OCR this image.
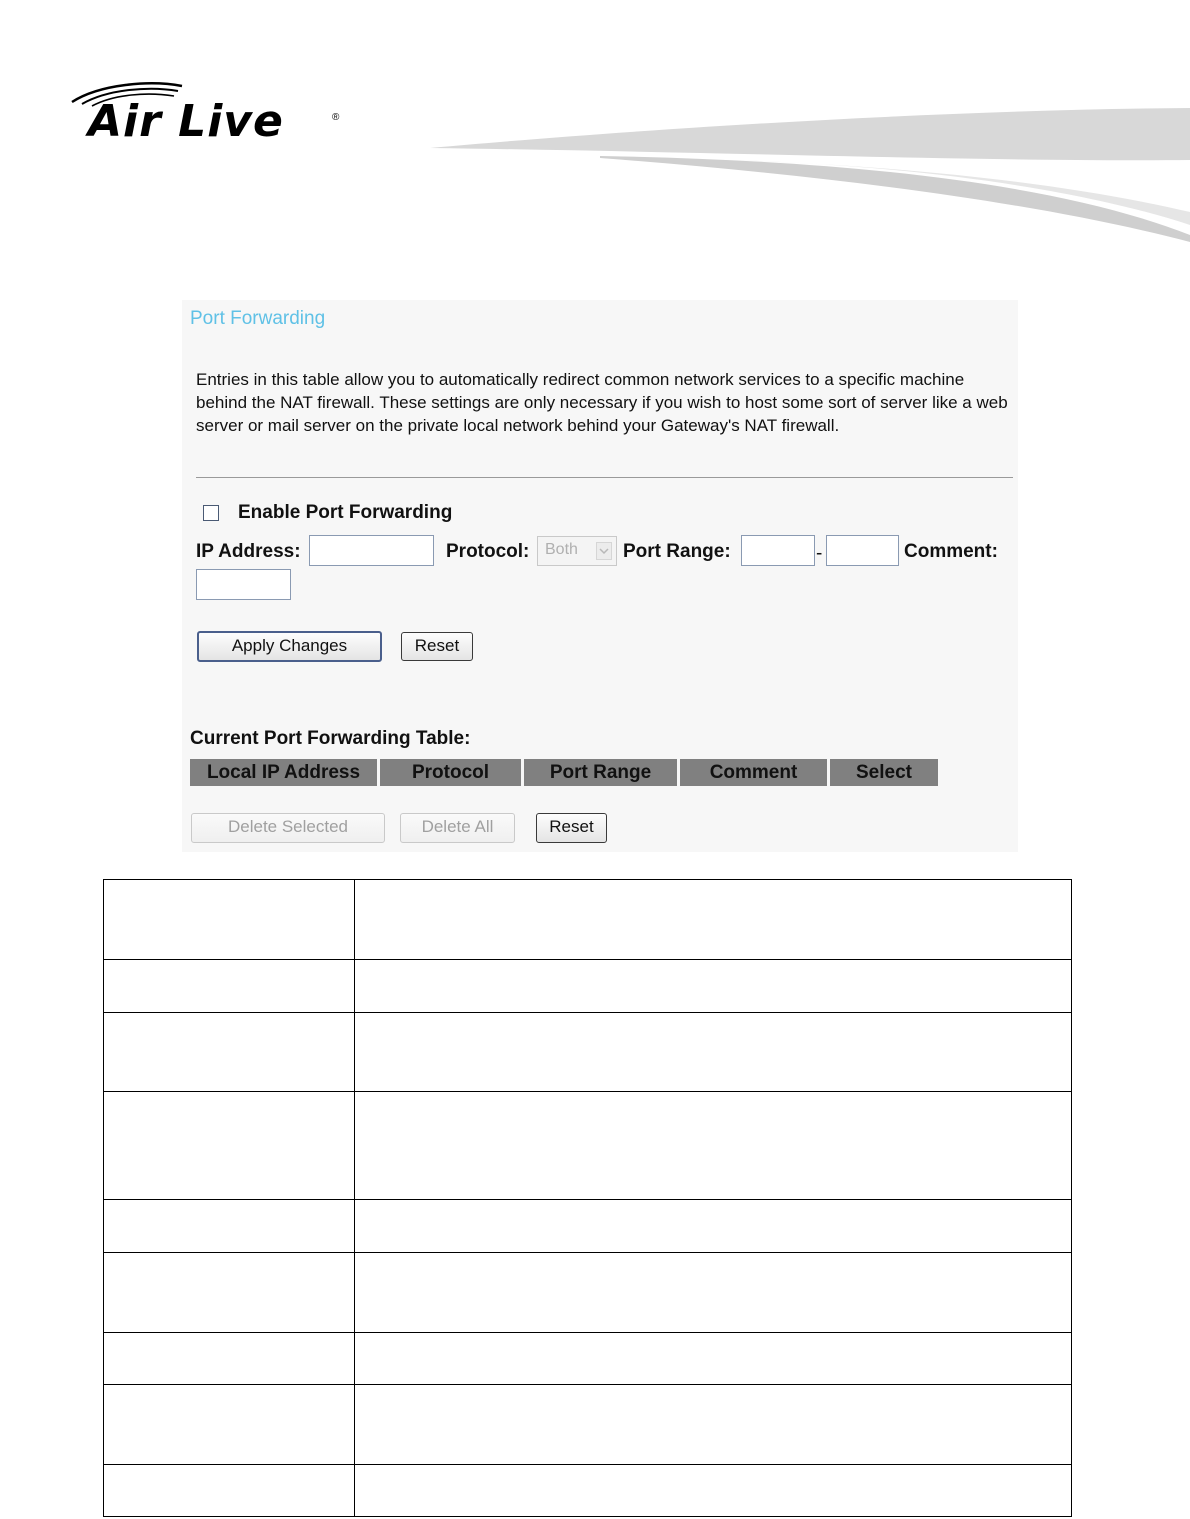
Air Live	®
Port Forwarding
Entries in this table allow you to automatically redirect common network services to a specific machine behind the NAT firewall. These settings are only necessary if you wish to host some sort of server like a web server or mail server on the private local network behind your Gateway's NAT firewall.
Enable Port Forwarding
IP Address:	Protocol: Both Port Range:	-	Comment:
Apply Changes	Reset
Current Port Forwarding Table:
Local IP Address	Protocol	Port Range	Comment	Select
Delete Selected	Delete All	Reset
